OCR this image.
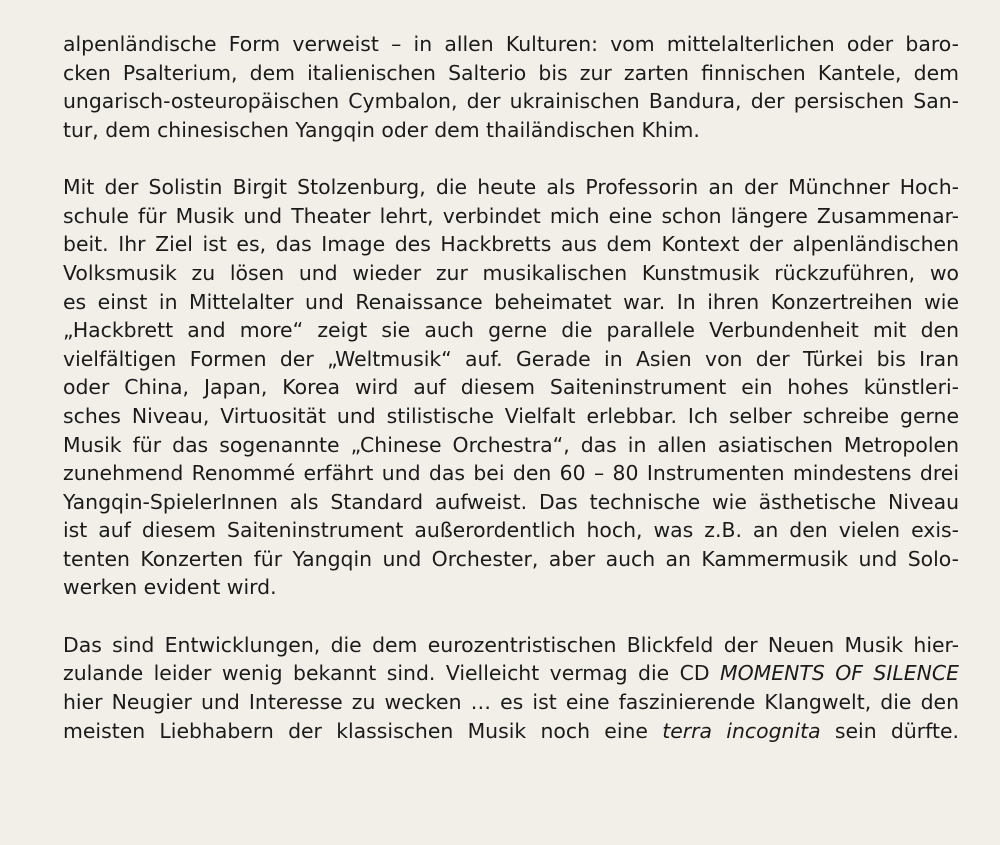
alpenländische Form verweist – in allen Kulturen: vom mittelalterlichen oder baro-
cken Psalterium, dem italienischen Salterio bis zur zarten finnischen Kantele, dem
ungarisch-osteuropäischen Cymbalon, der ukrainischen Bandura, der persischen San-
tur, dem chinesischen Yangqin oder dem thailändischen Khim.
Mit der Solistin Birgit Stolzenburg, die heute als Professorin an der Münchner Hoch-
schule für Musik und Theater lehrt, verbindet mich eine schon längere Zusammenar-
beit. Ihr Ziel ist es, das Image des Hackbretts aus dem Kontext der alpenländischen
Volksmusik zu lösen und wieder zur musikalischen Kunstmusik rückzuführen, wo
es einst in Mittelalter und Renaissance beheimatet war. In ihren Konzertreihen wie
„Hackbrett and more“ zeigt sie auch gerne die parallele Verbundenheit mit den
vielfältigen Formen der „Weltmusik“ auf. Gerade in Asien von der Türkei bis Iran
oder China, Japan, Korea wird auf diesem Saiteninstrument ein hohes künstleri-
sches Niveau, Virtuosität und stilistische Vielfalt erlebbar. Ich selber schreibe gerne
Musik für das sogenannte „Chinese Orchestra“, das in allen asiatischen Metropolen
zunehmend Renommé erfährt und das bei den 60 – 80 Instrumenten mindestens drei
Yangqin-SpielerInnen als Standard aufweist. Das technische wie ästhetische Niveau
ist auf diesem Saiteninstrument außerordentlich hoch, was z.B. an den vielen exis-
tenten Konzerten für Yangqin und Orchester, aber auch an Kammermusik und Solo-
werken evident wird.
Das sind Entwicklungen, die dem eurozentristischen Blickfeld der Neuen Musik hier-
zulande leider wenig bekannt sind. Vielleicht vermag die CD MOMENTS OF SILENCE
hier Neugier und Interesse zu wecken … es ist eine faszinierende Klangwelt, die den
meisten Liebhabern der klassischen Musik noch eine terra incognita sein dürfte.
